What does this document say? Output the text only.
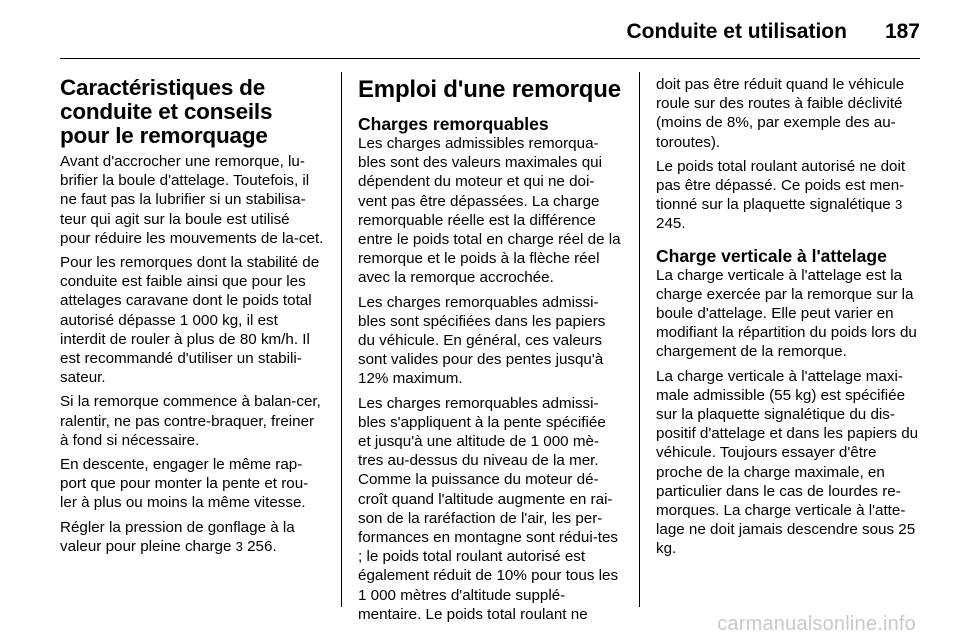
Conduite et utilisation 187
Caractéristiques de conduite et conseils pour le remorquage

Avant d'accrocher une remorque, lu-brifier la boule d'attelage. Toutefois, il ne faut pas la lubrifier si un stabilisa-teur qui agit sur la boule est utilisé pour réduire les mouvements de la-cet.

Pour les remorques dont la stabilité de conduite est faible ainsi que pour les attelages caravane dont le poids total autorisé dépasse 1 000 kg, il est interdit de rouler à plus de 80 km/h. Il est recommandé d'utiliser un stabili-sateur.

Si la remorque commence à balan-cer, ralentir, ne pas contre-braquer, freiner à fond si nécessaire.

En descente, engager le même rap-port que pour monter la pente et rou-ler à plus ou moins la même vitesse.

Régler la pression de gonflage à la valeur pour pleine charge 3 256.

Emploi d'une remorque
Charges remorquables

Les charges admissibles remorqua-bles sont des valeurs maximales qui dépendent du moteur et qui ne doi-vent pas être dépassées. La charge remorquable réelle est la différence entre le poids total en charge réel de la remorque et le poids à la flèche réel avec la remorque accrochée.

Les charges remorquables admissi-bles sont spécifiées dans les papiers du véhicule. En général, ces valeurs sont valides pour des pentes jusqu'à 12% maximum.

Les charges remorquables admissi-bles s'appliquent à la pente spécifiée et jusqu'à une altitude de 1 000 mè-tres au-dessus du niveau de la mer. Comme la puissance du moteur dé-croît quand l'altitude augmente en rai-son de la raréfaction de l'air, les per-formances en montagne sont rédui-tes ; le poids total roulant autorisé est également réduit de 10% pour tous les 1 000 mètres d'altitude supplé-mentaire. Le poids total roulant ne

doit pas être réduit quand le véhicule roule sur des routes à faible déclivité (moins de 8%, par exemple des au-toroutes).

Le poids total roulant autorisé ne doit pas être dépassé. Ce poids est men-tionné sur la plaquette signalétique 3 245.

Charge verticale à l'attelage

La charge verticale à l'attelage est la charge exercée par la remorque sur la boule d'attelage. Elle peut varier en modifiant la répartition du poids lors du chargement de la remorque.

La charge verticale à l'attelage maxi-male admissible (55 kg) est spécifiée sur la plaquette signalétique du dis-positif d'attelage et dans les papiers du véhicule. Toujours essayer d'être proche de la charge maximale, en particulier dans le cas de lourdes re-morques. La charge verticale à l'atte-lage ne doit jamais descendre sous 25 kg.

carmanualsonline.info
